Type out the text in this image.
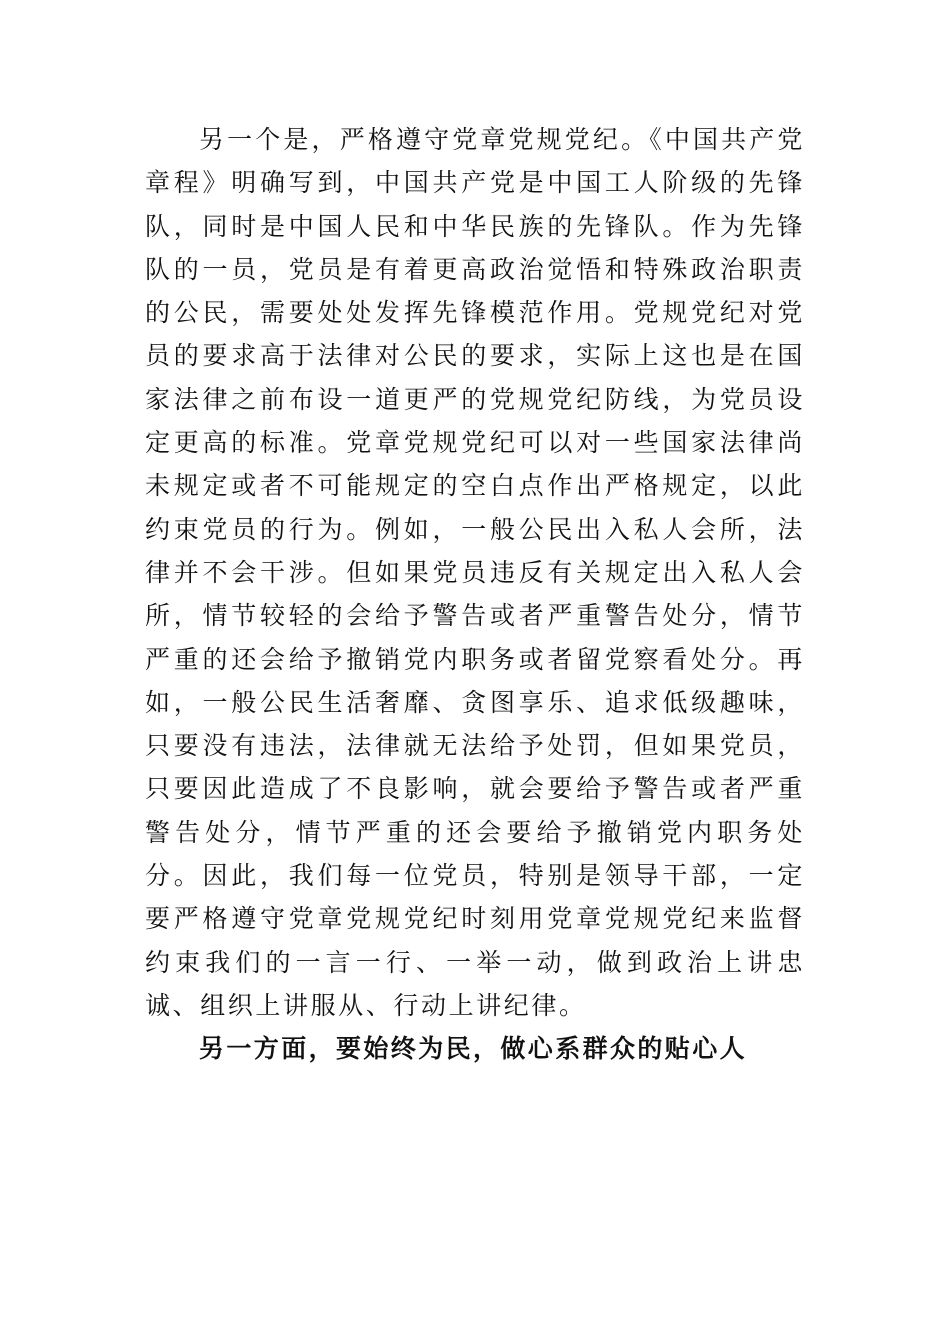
另一个是，严格遵守党章党规党纪。《中国共产党章程》明确写到，中国共产党是中国工人阶级的先锋队，同时是中国人民和中华民族的先锋队。作为先锋队的一员，党员是有着更高政治觉悟和特殊政治职责的公民，需要处处发挥先锋模范作用。党规党纪对党员的要求高于法律对公民的要求，实际上这也是在国家法律之前布设一道更严的党规党纪防线，为党员设定更高的标准。党章党规党纪可以对一些国家法律尚未规定或者不可能规定的空白点作出严格规定，以此约束党员的行为。例如，一般公民出入私人会所，法律并不会干涉。但如果党员违反有关规定出入私人会所，情节较轻的会给予警告或者严重警告处分，情节严重的还会给予撤销党内职务或者留党察看处分。再如，一般公民生活奢靡、贪图享乐、追求低级趣味，只要没有违法，法律就无法给予处罚，但如果党员，只要因此造成了不良影响，就会要给予警告或者严重警告处分，情节严重的还会要给予撤销党内职务处分。因此，我们每一位党员，特别是领导干部，一定要严格遵守党章党规党纪时刻用党章党规党纪来监督约束我们的一言一行、一举一动，做到政治上讲忠诚、组织上讲服从、行动上讲纪律。

另一方面，要始终为民，做心系群众的贴心人
